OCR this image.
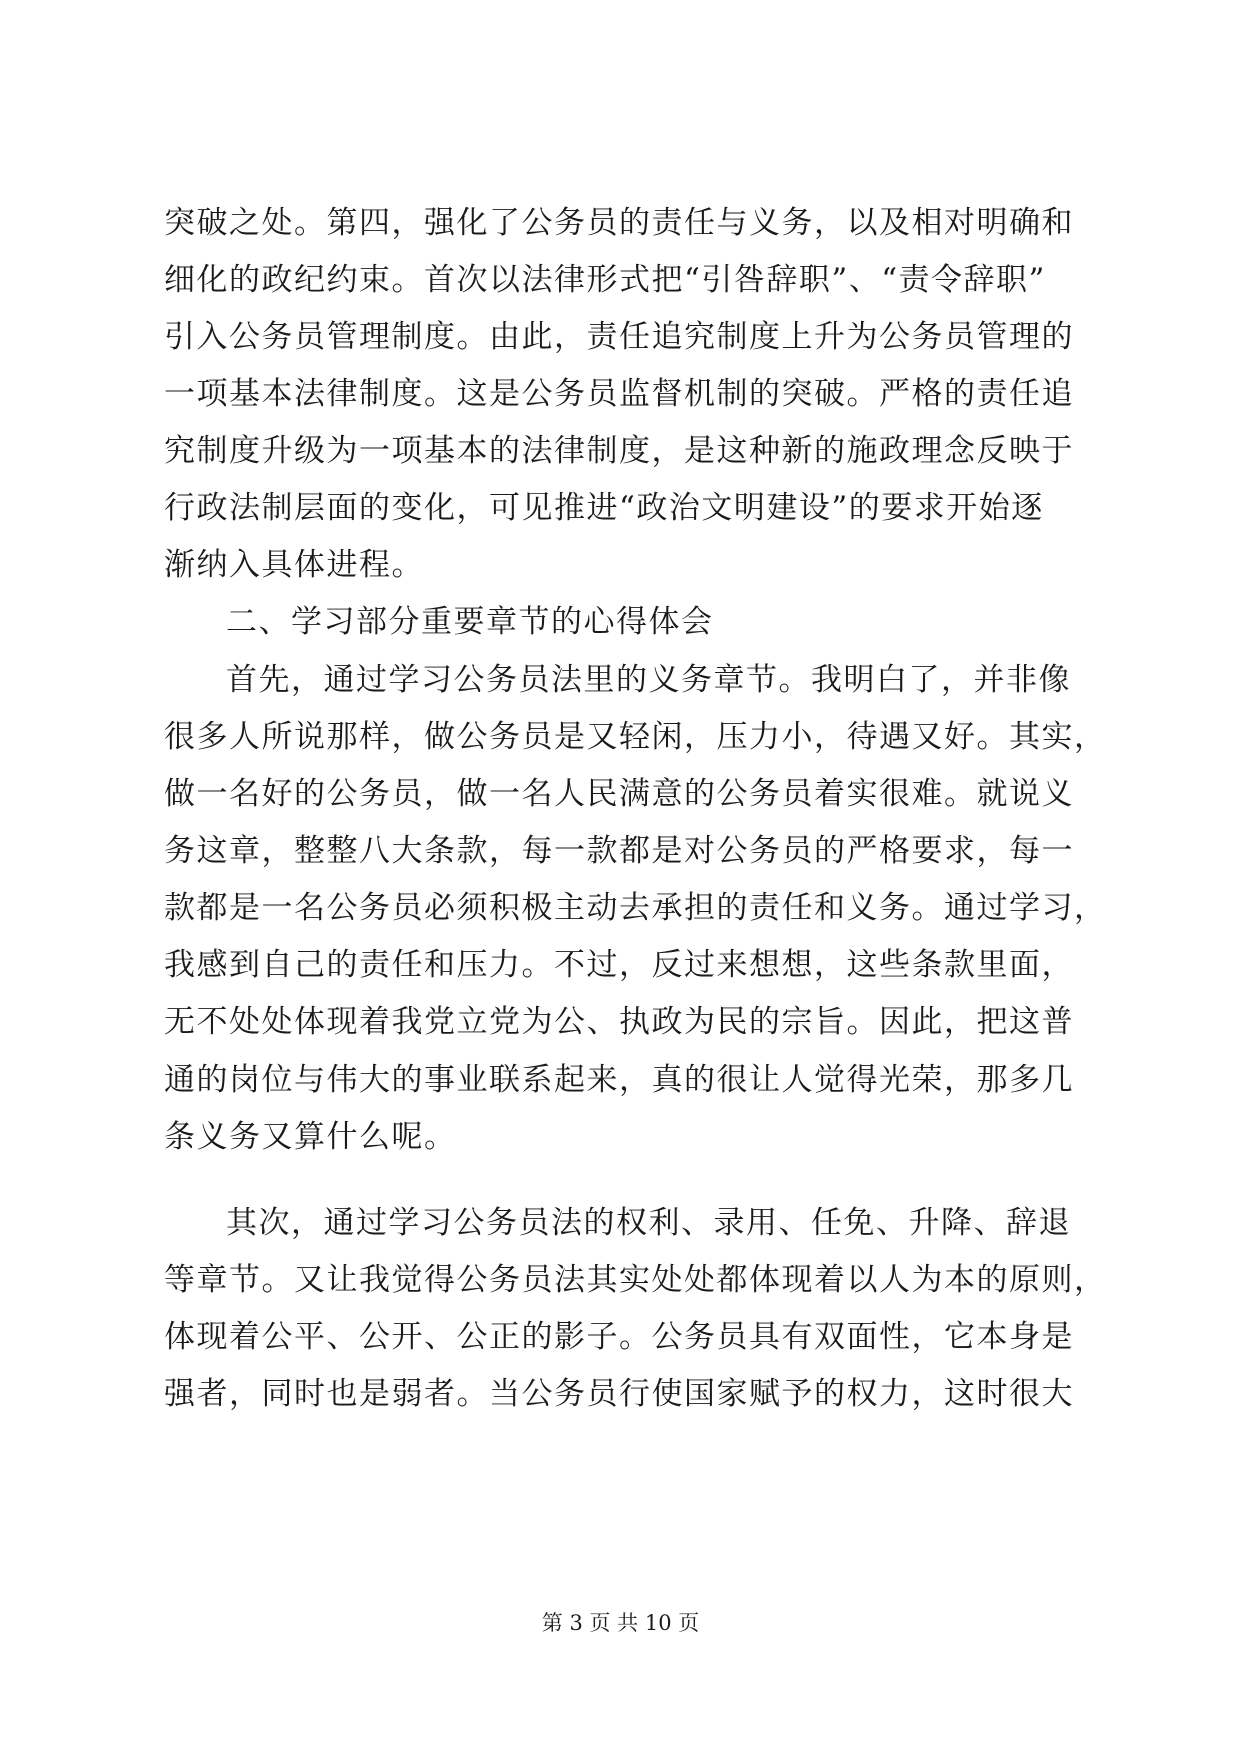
突破之处。第四，强化了公务员的责任与义务，以及相对明确和
细化的政纪约束。首次以法律形式把“引咎辞职”、“责令辞职”
引入公务员管理制度。由此，责任追究制度上升为公务员管理的
一项基本法律制度。这是公务员监督机制的突破。严格的责任追
究制度升级为一项基本的法律制度，是这种新的施政理念反映于
行政法制层面的变化，可见推进“政治文明建设”的要求开始逐
渐纳入具体进程。
二、学习部分重要章节的心得体会
首先，通过学习公务员法里的义务章节。我明白了，并非像
很多人所说那样，做公务员是又轻闲，压力小，待遇又好。其实，
做一名好的公务员，做一名人民满意的公务员着实很难。就说义
务这章，整整八大条款，每一款都是对公务员的严格要求，每一
款都是一名公务员必须积极主动去承担的责任和义务。通过学习，
我感到自己的责任和压力。不过，反过来想想，这些条款里面，
无不处处体现着我党立党为公、执政为民的宗旨。因此，把这普
通的岗位与伟大的事业联系起来，真的很让人觉得光荣，那多几
条义务又算什么呢。
其次，通过学习公务员法的权利、录用、任免、升降、辞退
等章节。又让我觉得公务员法其实处处都体现着以人为本的原则，
体现着公平、公开、公正的影子。公务员具有双面性，它本身是
强者，同时也是弱者。当公务员行使国家赋予的权力，这时很大
第 3 页 共 10 页
